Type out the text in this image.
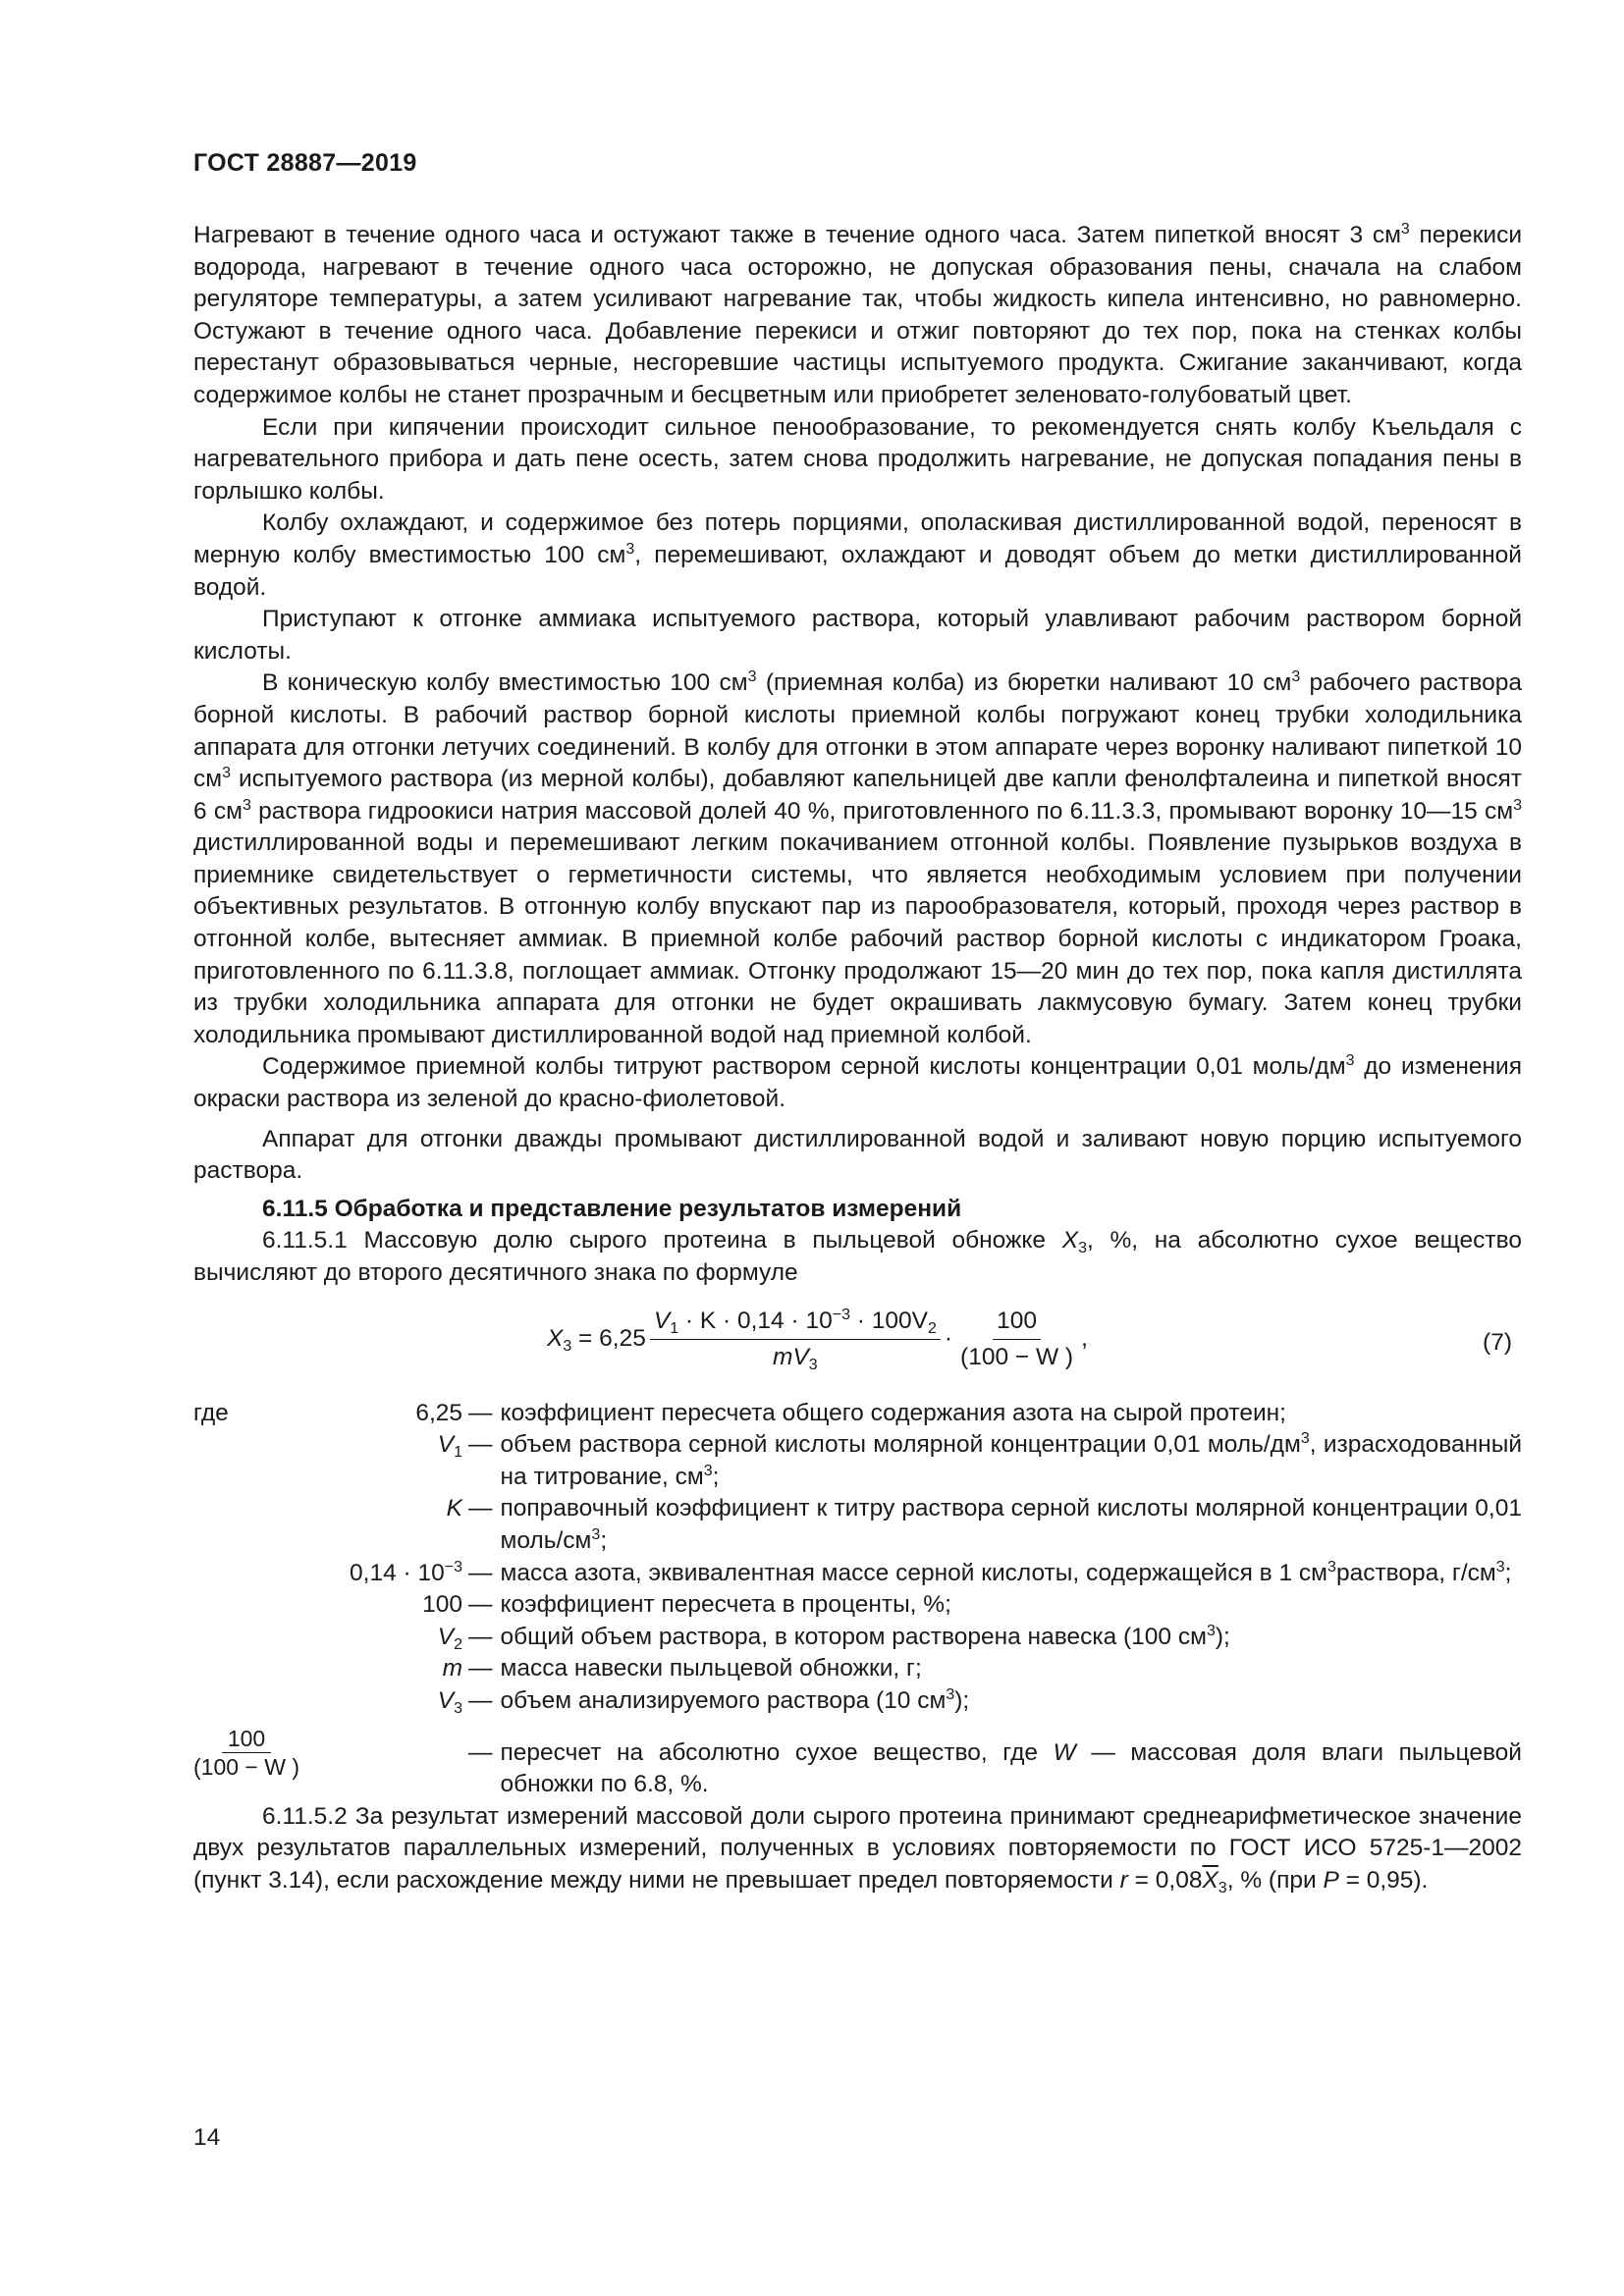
ГОСТ 28887—2019

Нагревают в течение одного часа и остужают также в течение одного часа. Затем пипеткой вносят 3 $см^3$ перекиси водорода, нагревают в течение одного часа осторожно, не допуская образования пены, сначала на слабом регуляторе температуры, а затем усиливают нагревание так, чтобы жидкость кипела интенсивно, но равномерно. Остужают в течение одного часа. Добавление перекиси и отжиг повторяют до тех пор, пока на стенках колбы перестанут образовываться черные, несгоревшие частицы испытуемого продукта. Сжигание заканчивают, когда содержимое колбы не станет прозрачным и бесцветным или приобретет зеленовато-голубоватый цвет.

Если при кипячении происходит сильное пенообразование, то рекомендуется снять колбу Къельдаля с нагревательного прибора и дать пене осесть, затем снова продолжить нагревание, не допуская попадания пены в горлышко колбы.

Колбу охлаждают, и содержимое без потерь порциями, ополаскивая дистиллированной водой, переносят в мерную колбу вместимостью 100 $см^3$, перемешивают, охлаждают и доводят объем до метки дистиллированной водой.

Приступают к отгонке аммиака испытуемого раствора, который улавливают рабочим раствором борной кислоты.

В коническую колбу вместимостью 100 $см^3$ (приемная колба) из бюретки наливают 10 $см^3$ рабочего раствора борной кислоты. В рабочий раствор борной кислоты приемной колбы погружают конец трубки холодильника аппарата для отгонки летучих соединений. В колбу для отгонки в этом аппарате через воронку наливают пипеткой 10 $см^3$ испытуемого раствора (из мерной колбы), добавляют капельницей две капли фенолфталеина и пипеткой вносят 6 $см^3$ раствора гидроокиси натрия массовой долей 40 %, приготовленного по 6.11.3.3, промывают воронку 10—15 $см^3$ дистиллированной воды и перемешивают легким покачиванием отгонной колбы. Появление пузырьков воздуха в приемнике свидетельствует о герметичности системы, что является необходимым условием при получении объективных результатов. В отгонную колбу впускают пар из парообразователя, который, проходя через раствор в отгонной колбе, вытесняет аммиак. В приемной колбе рабочий раствор борной кислоты с индикатором Гроака, приготовленного по 6.11.3.8, поглощает аммиак. Отгонку продолжают 15—20 мин до тех пор, пока капля дистиллята из трубки холодильника аппарата для отгонки не будет окрашивать лакмусовую бумагу. Затем конец трубки холодильника промывают дистиллированной водой над приемной колбой.

Содержимое приемной колбы титруют раствором серной кислоты концентрации 0,01 моль/$дм^3$ до изменения окраски раствора из зеленой до красно-фиолетовой.

Аппарат для отгонки дважды промывают дистиллированной водой и заливают новую порцию испытуемого раствора.

6.11.5 Обработка и представление результатов измерений

6.11.5.1 Массовую долю сырого протеина в пыльцевой обножке $X_3$, %, на абсолютно сухое вещество вычисляют до второго десятичного знака по формуле

$X_3 = 6,25 \frac{V_1 \cdot K \cdot 0,14 \cdot 10^{-3} \cdot 100V_2}{mV_3} \cdot \frac{100}{(100 - W )}$ ,	(7)
где	6,25 — коэффициент пересчета общего содержания азота на сырой протеин;
$V_1$ — объем раствора серной кислоты молярной концентрации 0,01 моль/$дм^3$, израсходованный на титрование, $см^3$;
K — поправочный коэффициент к титру раствора серной кислоты молярной концентрации 0,01 моль/$см^3$;
$0,14 \cdot 10^{-3}$ — масса азота, эквивалентная массе серной кислоты, содержащейся в 1 $см^3раствора$, $г/см^3$;
100 — коэффициент пересчета в проценты, %;
$V_2$ — общий объем раствора, в котором растворена навеска (100 $см^3$);
m — масса навески пыльцевой обножки, г;
$V_3$ — объем анализируемого раствора (10 $см^3$);
$\frac{100}{(100 - W )}$	— пересчет на абсолютно сухое вещество, где W — массовая доля влаги пыльцевой обножки по 6.8, %.

6.11.5.2 За результат измерений массовой доли сырого протеина принимают среднеарифметическое значение двух результатов параллельных измерений, полученных в условиях повторяемости по ГОСТ ИСО 5725-1—2002 (пункт 3.14), если расхождение между ними не превышает предел повторяемости $r = 0,08\overline{X}_3$, % (при P = 0,95).

14
